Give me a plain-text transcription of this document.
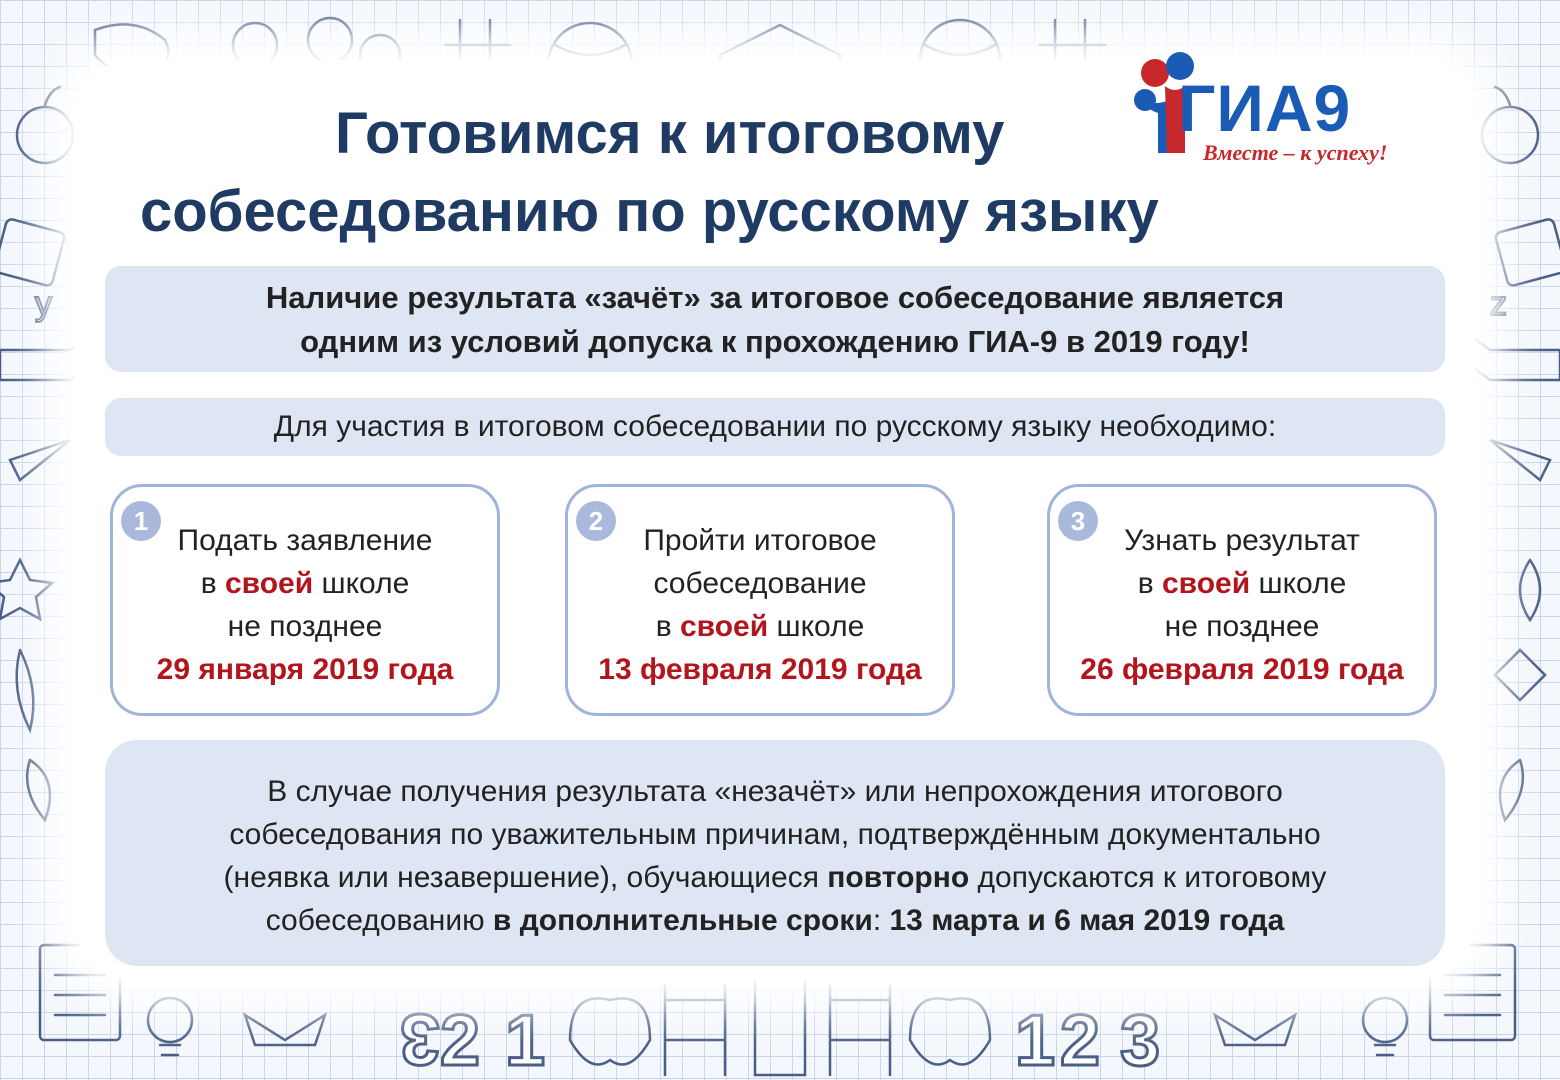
3 2 1	1 2 3
y	z
ГИА9
Вместе – к успеху!
Готовимся к итоговому
собеседованию по русскому языку
Наличие результата «зачёт» за итоговое собеседование является
одним из условий допуска к прохождению ГИА-9 в 2019 году!
Для участия в итоговом собеседовании по русскому языку необходимо:
1
Подать заявление
в своей школе
не позднее
29 января 2019 года
2
Пройти итоговое
собеседование
в своей школе
13 февраля 2019 года
3
Узнать результат
в своей школе
не позднее
26 февраля 2019 года
В случае получения результата «незачёт» или непрохождения итогового
собеседования по уважительным причинам, подтверждённым документально
(неявка или незавершение), обучающиеся повторно допускаются к итоговому
собеседованию в дополнительные сроки: 13 марта и 6 мая 2019 года
